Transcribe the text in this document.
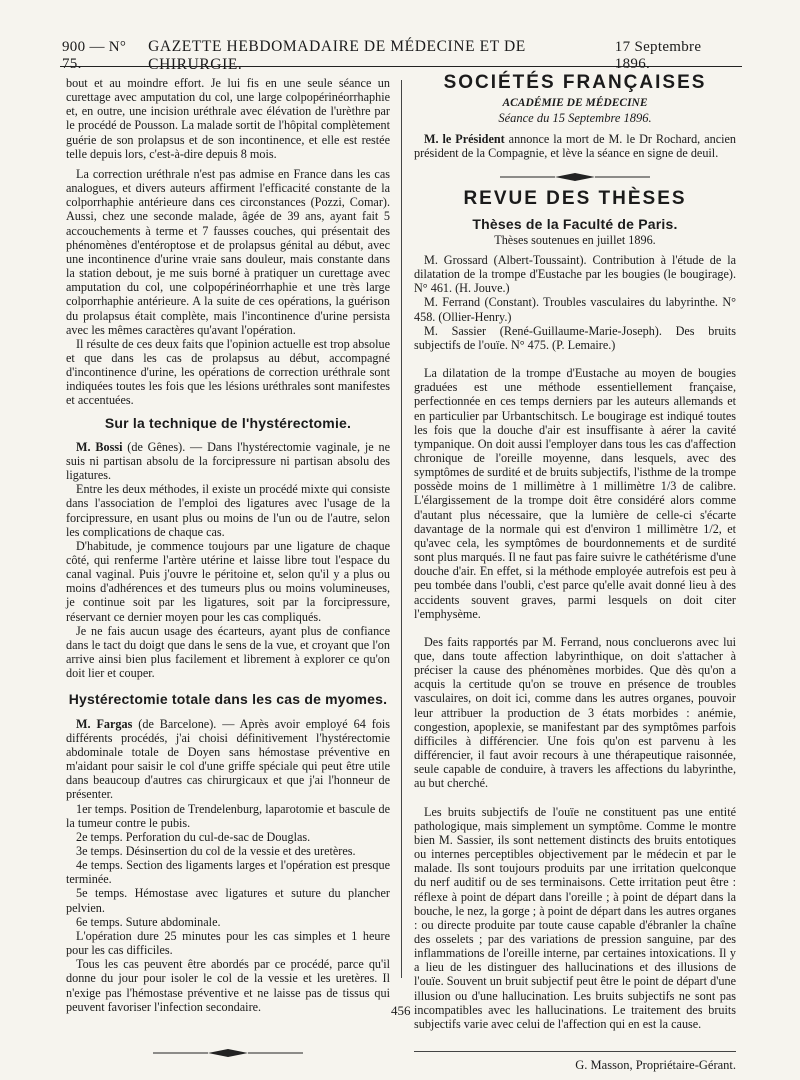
900 — N° 75.
GAZETTE HEBDOMADAIRE DE MÉDECINE ET DE CHIRURGIE.
17 Septembre 1896.

bout et au moindre effort. Je lui fis en une seule séance un curettage avec amputation du col, une large colpopérinéorrhaphie et, en outre, une incision uréthrale avec élévation de l'urèthre par le procédé de Pousson. La malade sortit de l'hôpital complètement guérie de son prolapsus et de son incontinence, et elle est restée telle depuis lors, c'est-à-dire depuis 8 mois.

La correction uréthrale n'est pas admise en France dans les cas analogues, et divers auteurs affirment l'efficacité constante de la colporrhaphie antérieure dans ces circonstances (Pozzi, Comar). Aussi, chez une seconde malade, âgée de 39 ans, ayant fait 5 accouchements à terme et 7 fausses couches, qui présentait des phénomènes d'entéroptose et de prolapsus génital au début, avec une incontinence d'urine vraie sans douleur, mais constante dans la station debout, je me suis borné à pratiquer un curettage avec amputation du col, une colpopérinéorrhaphie et une très large colporrhaphie antérieure. A la suite de ces opérations, la guérison du prolapsus était complète, mais l'incontinence d'urine persista avec les mêmes caractères qu'avant l'opération.

Il résulte de ces deux faits que l'opinion actuelle est trop absolue et que dans les cas de prolapsus au début, accompagné d'incontinence d'urine, les opérations de correction uréthrale sont indiquées toutes les fois que les lésions uréthrales sont manifestes et accentuées.

Sur la technique de l'hystérectomie.

M. Bossi (de Gênes). — Dans l'hystérectomie vaginale, je ne suis ni partisan absolu de la forcipressure ni partisan absolu des ligatures.

Entre les deux méthodes, il existe un procédé mixte qui consiste dans l'association de l'emploi des ligatures avec l'usage de la forcipressure, en usant plus ou moins de l'un ou de l'autre, selon les complications de chaque cas.

D'habitude, je commence toujours par une ligature de chaque côté, qui renferme l'artère utérine et laisse libre tout l'espace du canal vaginal. Puis j'ouvre le péritoine et, selon qu'il y a plus ou moins d'adhérences et des tumeurs plus ou moins volumineuses, je continue soit par les ligatures, soit par la forcipressure, réservant ce dernier moyen pour les cas compliqués.

Je ne fais aucun usage des écarteurs, ayant plus de confiance dans le tact du doigt que dans le sens de la vue, et croyant que l'on arrive ainsi bien plus facilement et librement à explorer ce qu'on doit lier et couper.

Hystérectomie totale dans les cas de myomes.

M. Fargas (de Barcelone). — Après avoir employé 64 fois différents procédés, j'ai choisi définitivement l'hystérectomie abdominale totale de Doyen sans hémostase préventive en m'aidant pour saisir le col d'une griffe spéciale qui peut être utile dans beaucoup d'autres cas chirurgicaux et que j'ai l'honneur de présenter.

1er temps. Position de Trendelenburg, laparotomie et bascule de la tumeur contre le pubis.

2e temps. Perforation du cul-de-sac de Douglas.

3e temps. Désinsertion du col de la vessie et des uretères.

4e temps. Section des ligaments larges et l'opération est presque terminée.

5e temps. Hémostase avec ligatures et suture du plancher pelvien.

6e temps. Suture abdominale.

L'opération dure 25 minutes pour les cas simples et 1 heure pour les cas difficiles.

Tous les cas peuvent être abordés par ce procédé, parce qu'il donne du jour pour isoler le col de la vessie et les uretères. Il n'exige pas l'hémostase préventive et ne laisse pas de tissus qui peuvent favoriser l'infection secondaire.

SOCIÉTÉS FRANÇAISES
ACADÉMIE DE MÉDECINE
Séance du 15 Septembre 1896.

M. le Président annonce la mort de M. le Dr Rochard, ancien président de la Compagnie, et lève la séance en signe de deuil.

REVUE DES THÈSES
Thèses de la Faculté de Paris.
Thèses soutenues en juillet 1896.

M. Grossard (Albert-Toussaint). Contribution à l'étude de la dilatation de la trompe d'Eustache par les bougies (le bougirage). N° 461. (H. Jouve.)

M. Ferrand (Constant). Troubles vasculaires du labyrinthe. N° 458. (Ollier-Henry.)

M. Sassier (René-Guillaume-Marie-Joseph). Des bruits subjectifs de l'ouïe. N° 475. (P. Lemaire.)

La dilatation de la trompe d'Eustache au moyen de bougies graduées est une méthode essentiellement française, perfectionnée en ces temps derniers par les auteurs allemands et en particulier par Urbantschitsch. Le bougirage est indiqué toutes les fois que la douche d'air est insuffisante à aérer la cavité tympanique. On doit aussi l'employer dans tous les cas d'affection chronique de l'oreille moyenne, dans lesquels, avec des symptômes de surdité et de bruits subjectifs, l'isthme de la trompe possède moins de 1 millimètre à 1 millimètre 1/3 de calibre. L'élargissement de la trompe doit être considéré alors comme d'autant plus nécessaire, que la lumière de celle-ci s'écarte davantage de la normale qui est d'environ 1 millimètre 1/2, et qu'avec cela, les symptômes de bourdonnements et de surdité sont plus marqués. Il ne faut pas faire suivre le cathétérisme d'une douche d'air. En effet, si la méthode employée autrefois est peu à peu tombée dans l'oubli, c'est parce qu'elle avait donné lieu à des accidents souvent graves, parmi lesquels on doit citer l'emphysème.

Des faits rapportés par M. Ferrand, nous concluerons avec lui que, dans toute affection labyrinthique, on doit s'attacher à préciser la cause des phénomènes morbides. Que dès qu'on a acquis la certitude qu'on se trouve en présence de troubles vasculaires, on doit ici, comme dans les autres organes, pouvoir leur attribuer la production de 3 états morbides : anémie, congestion, apoplexie, se manifestant par des symptômes parfois difficiles à différencier. Une fois qu'on est parvenu à les différencier, il faut avoir recours à une thérapeutique raisonnée, seule capable de conduire, à travers les affections du labyrinthe, au but cherché.

Les bruits subjectifs de l'ouïe ne constituent pas une entité pathologique, mais simplement un symptôme. Comme le montre bien M. Sassier, ils sont nettement distincts des bruits entotiques ou internes perceptibles objectivement par le médecin et par le malade. Ils sont toujours produits par une irritation quelconque du nerf auditif ou de ses terminaisons. Cette irritation peut être : réflexe à point de départ dans l'oreille ; à point de départ dans la bouche, le nez, la gorge ; à point de départ dans les autres organes : ou directe produite par toute cause capable d'ébranler la chaîne des osselets ; par des variations de pression sanguine, par des inflammations de l'oreille interne, par certaines intoxications. Il y a lieu de les distinguer des hallucinations et des illusions de l'ouïe. Souvent un bruit subjectif peut être le point de départ d'une illusion ou d'une hallucination. Les bruits subjectifs ne sont pas incompatibles avec les hallucinations. Le traitement des bruits subjectifs varie avec celui de l'affection qui en est la cause.

G. Masson, Propriétaire-Gérant.
456
